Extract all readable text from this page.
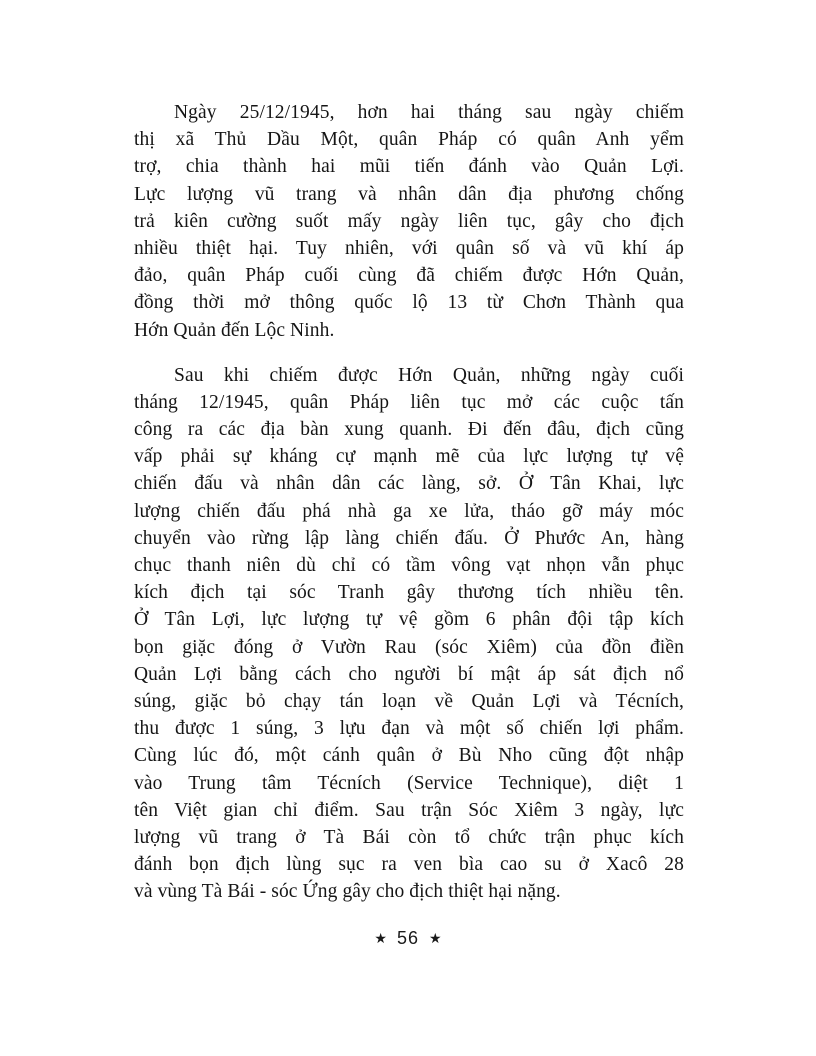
Ngày 25/12/1945, hơn hai tháng sau ngày chiếm
thị xã Thủ Dầu Một, quân Pháp có quân Anh yểm
trợ, chia thành hai mũi tiến đánh vào Quản Lợi.
Lực lượng vũ trang và nhân dân địa phương chống
trả kiên cường suốt mấy ngày liên tục, gây cho địch
nhiều thiệt hại. Tuy nhiên, với quân số và vũ khí áp
đảo, quân Pháp cuối cùng đã chiếm được Hớn Quản,
đồng thời mở thông quốc lộ 13 từ Chơn Thành qua
Hớn Quản đến Lộc Ninh.
Sau khi chiếm được Hớn Quản, những ngày cuối
tháng 12/1945, quân Pháp liên tục mở các cuộc tấn
công ra các địa bàn xung quanh. Đi đến đâu, địch cũng
vấp phải sự kháng cự mạnh mẽ của lực lượng tự vệ
chiến đấu và nhân dân các làng, sở. Ở Tân Khai, lực
lượng chiến đấu phá nhà ga xe lửa, tháo gỡ máy móc
chuyển vào rừng lập làng chiến đấu. Ở Phước An, hàng
chục thanh niên dù chỉ có tầm vông vạt nhọn vẫn phục
kích địch tại sóc Tranh gây thương tích nhiều tên.
Ở Tân Lợi, lực lượng tự vệ gồm 6 phân đội tập kích
bọn giặc đóng ở Vườn Rau (sóc Xiêm) của đồn điền
Quản Lợi bằng cách cho người bí mật áp sát địch nổ
súng, giặc bỏ chạy tán loạn về Quản Lợi và Técních,
thu được 1 súng, 3 lựu đạn và một số chiến lợi phẩm.
Cùng lúc đó, một cánh quân ở Bù Nho cũng đột nhập
vào Trung tâm Técních (Service Technique), diệt 1
tên Việt gian chỉ điểm. Sau trận Sóc Xiêm 3 ngày, lực
lượng vũ trang ở Tà Bái còn tổ chức trận phục kích
đánh bọn địch lùng sục ra ven bìa cao su ở Xacô 28
và vùng Tà Bái - sóc Ứng gây cho địch thiệt hại nặng.
★ 56 ★
